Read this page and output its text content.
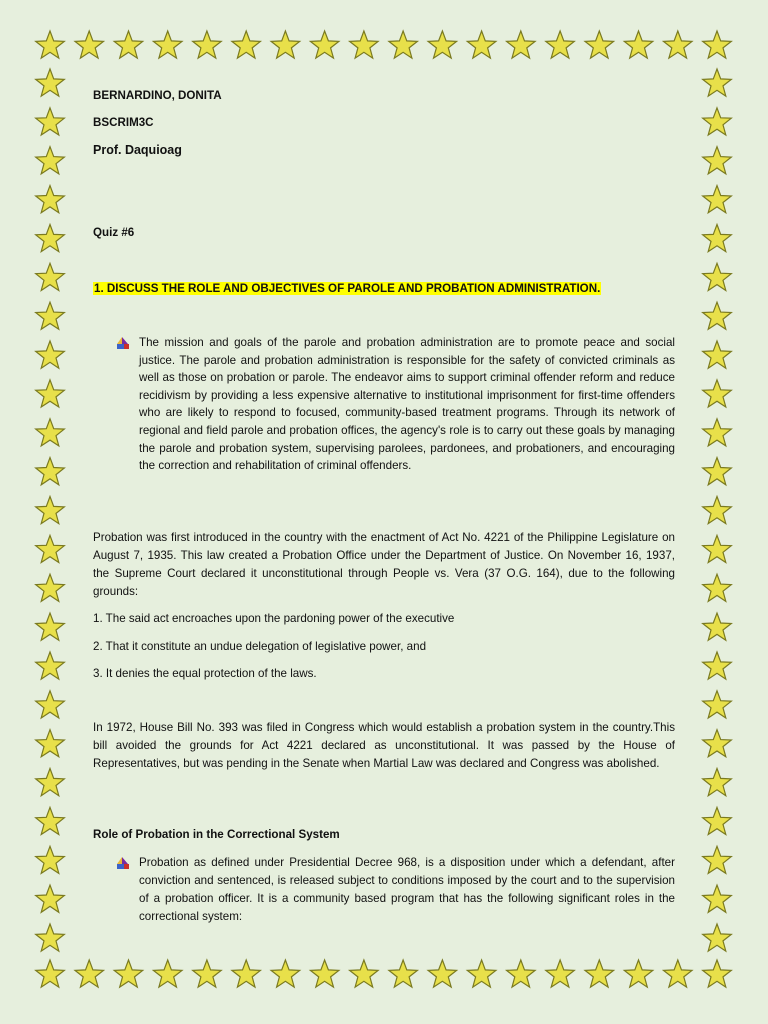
BERNARDINO, DONITA

BSCRIM3C

Prof. Daquioag

Quiz #6

1. DISCUSS THE ROLE AND OBJECTIVES OF PAROLE AND PROBATION ADMINISTRATION.

The mission and goals of the parole and probation administration are to promote peace and social justice. The parole and probation administration is responsible for the safety of convicted criminals as well as those on probation or parole. The endeavor aims to support criminal offender reform and reduce recidivism by providing a less expensive alternative to institutional imprisonment for first-time offenders who are likely to respond to focused, community-based treatment programs. Through its network of regional and field parole and probation offices, the agency's role is to carry out these goals by managing the parole and probation system, supervising parolees, pardonees, and probationers, and encouraging the correction and rehabilitation of criminal offenders.

Probation was first introduced in the country with the enactment of Act No. 4221 of the Philippine Legislature on August 7, 1935. This law created a Probation Office under the Department of Justice. On November 16, 1937, the Supreme Court declared it unconstitutional through People vs. Vera (37 O.G. 164), due to the following grounds:

1. The said act encroaches upon the pardoning power of the executive

2. That it constitute an undue delegation of legislative power, and

3. It denies the equal protection of the laws.

In 1972, House Bill No. 393 was filed in Congress which would establish a probation system in the country.This bill avoided the grounds for Act 4221 declared as unconstitutional. It was passed by the House of Representatives, but was pending in the Senate when Martial Law was declared and Congress was abolished.

Role of Probation in the Correctional System

Probation as defined under Presidential Decree 968, is a disposition under which a defendant, after conviction and sentenced, is released subject to conditions imposed by the court and to the supervision of a probation officer. It is a community based program that has the following significant roles in the correctional system:
